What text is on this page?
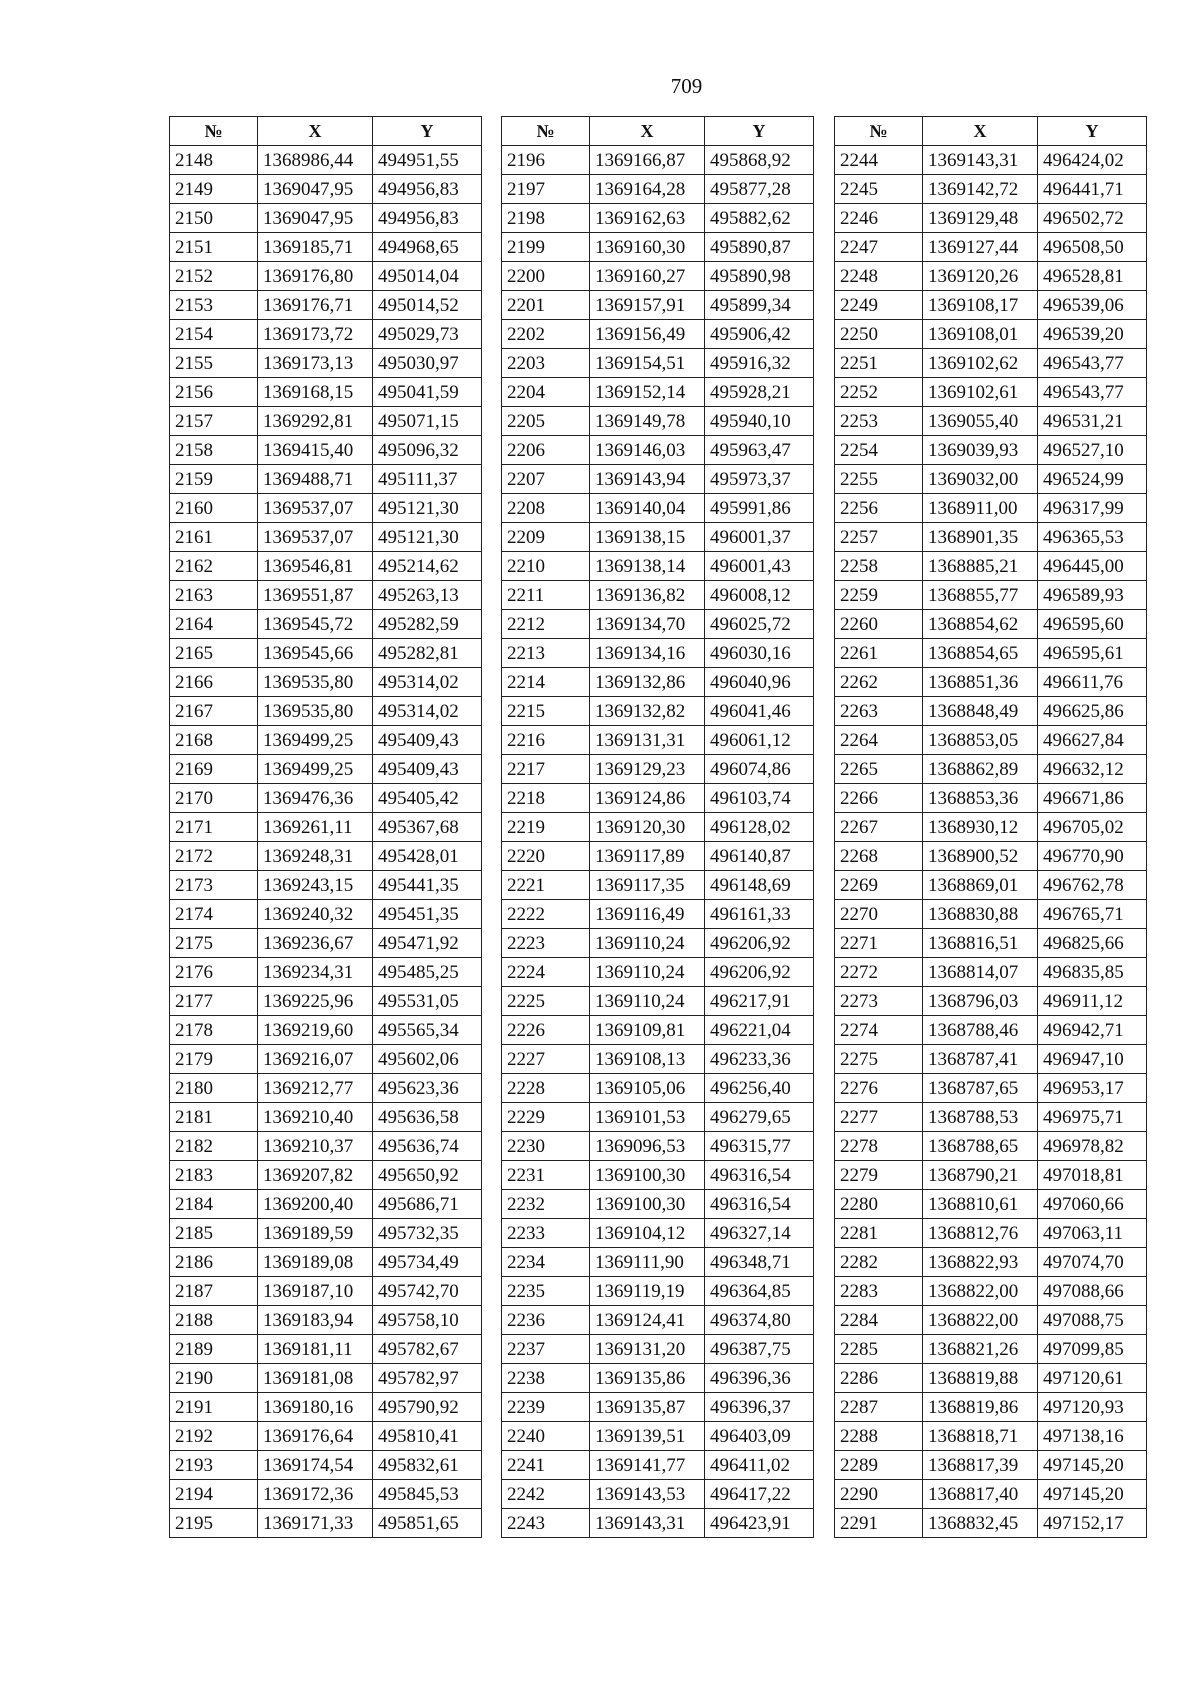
709
№	X	Y
2148	1368986,44	494951,55
2149	1369047,95	494956,83
2150	1369047,95	494956,83
2151	1369185,71	494968,65
2152	1369176,80	495014,04
2153	1369176,71	495014,52
2154	1369173,72	495029,73
2155	1369173,13	495030,97
2156	1369168,15	495041,59
2157	1369292,81	495071,15
2158	1369415,40	495096,32
2159	1369488,71	495111,37
2160	1369537,07	495121,30
2161	1369537,07	495121,30
2162	1369546,81	495214,62
2163	1369551,87	495263,13
2164	1369545,72	495282,59
2165	1369545,66	495282,81
2166	1369535,80	495314,02
2167	1369535,80	495314,02
2168	1369499,25	495409,43
2169	1369499,25	495409,43
2170	1369476,36	495405,42
2171	1369261,11	495367,68
2172	1369248,31	495428,01
2173	1369243,15	495441,35
2174	1369240,32	495451,35
2175	1369236,67	495471,92
2176	1369234,31	495485,25
2177	1369225,96	495531,05
2178	1369219,60	495565,34
2179	1369216,07	495602,06
2180	1369212,77	495623,36
2181	1369210,40	495636,58
2182	1369210,37	495636,74
2183	1369207,82	495650,92
2184	1369200,40	495686,71
2185	1369189,59	495732,35
2186	1369189,08	495734,49
2187	1369187,10	495742,70
2188	1369183,94	495758,10
2189	1369181,11	495782,67
2190	1369181,08	495782,97
2191	1369180,16	495790,92
2192	1369176,64	495810,41
2193	1369174,54	495832,61
2194	1369172,36	495845,53
2195	1369171,33	495851,65
№	X	Y
2196	1369166,87	495868,92
2197	1369164,28	495877,28
2198	1369162,63	495882,62
2199	1369160,30	495890,87
2200	1369160,27	495890,98
2201	1369157,91	495899,34
2202	1369156,49	495906,42
2203	1369154,51	495916,32
2204	1369152,14	495928,21
2205	1369149,78	495940,10
2206	1369146,03	495963,47
2207	1369143,94	495973,37
2208	1369140,04	495991,86
2209	1369138,15	496001,37
2210	1369138,14	496001,43
2211	1369136,82	496008,12
2212	1369134,70	496025,72
2213	1369134,16	496030,16
2214	1369132,86	496040,96
2215	1369132,82	496041,46
2216	1369131,31	496061,12
2217	1369129,23	496074,86
2218	1369124,86	496103,74
2219	1369120,30	496128,02
2220	1369117,89	496140,87
2221	1369117,35	496148,69
2222	1369116,49	496161,33
2223	1369110,24	496206,92
2224	1369110,24	496206,92
2225	1369110,24	496217,91
2226	1369109,81	496221,04
2227	1369108,13	496233,36
2228	1369105,06	496256,40
2229	1369101,53	496279,65
2230	1369096,53	496315,77
2231	1369100,30	496316,54
2232	1369100,30	496316,54
2233	1369104,12	496327,14
2234	1369111,90	496348,71
2235	1369119,19	496364,85
2236	1369124,41	496374,80
2237	1369131,20	496387,75
2238	1369135,86	496396,36
2239	1369135,87	496396,37
2240	1369139,51	496403,09
2241	1369141,77	496411,02
2242	1369143,53	496417,22
2243	1369143,31	496423,91
№	X	Y
2244	1369143,31	496424,02
2245	1369142,72	496441,71
2246	1369129,48	496502,72
2247	1369127,44	496508,50
2248	1369120,26	496528,81
2249	1369108,17	496539,06
2250	1369108,01	496539,20
2251	1369102,62	496543,77
2252	1369102,61	496543,77
2253	1369055,40	496531,21
2254	1369039,93	496527,10
2255	1369032,00	496524,99
2256	1368911,00	496317,99
2257	1368901,35	496365,53
2258	1368885,21	496445,00
2259	1368855,77	496589,93
2260	1368854,62	496595,60
2261	1368854,65	496595,61
2262	1368851,36	496611,76
2263	1368848,49	496625,86
2264	1368853,05	496627,84
2265	1368862,89	496632,12
2266	1368853,36	496671,86
2267	1368930,12	496705,02
2268	1368900,52	496770,90
2269	1368869,01	496762,78
2270	1368830,88	496765,71
2271	1368816,51	496825,66
2272	1368814,07	496835,85
2273	1368796,03	496911,12
2274	1368788,46	496942,71
2275	1368787,41	496947,10
2276	1368787,65	496953,17
2277	1368788,53	496975,71
2278	1368788,65	496978,82
2279	1368790,21	497018,81
2280	1368810,61	497060,66
2281	1368812,76	497063,11
2282	1368822,93	497074,70
2283	1368822,00	497088,66
2284	1368822,00	497088,75
2285	1368821,26	497099,85
2286	1368819,88	497120,61
2287	1368819,86	497120,93
2288	1368818,71	497138,16
2289	1368817,39	497145,20
2290	1368817,40	497145,20
2291	1368832,45	497152,17
